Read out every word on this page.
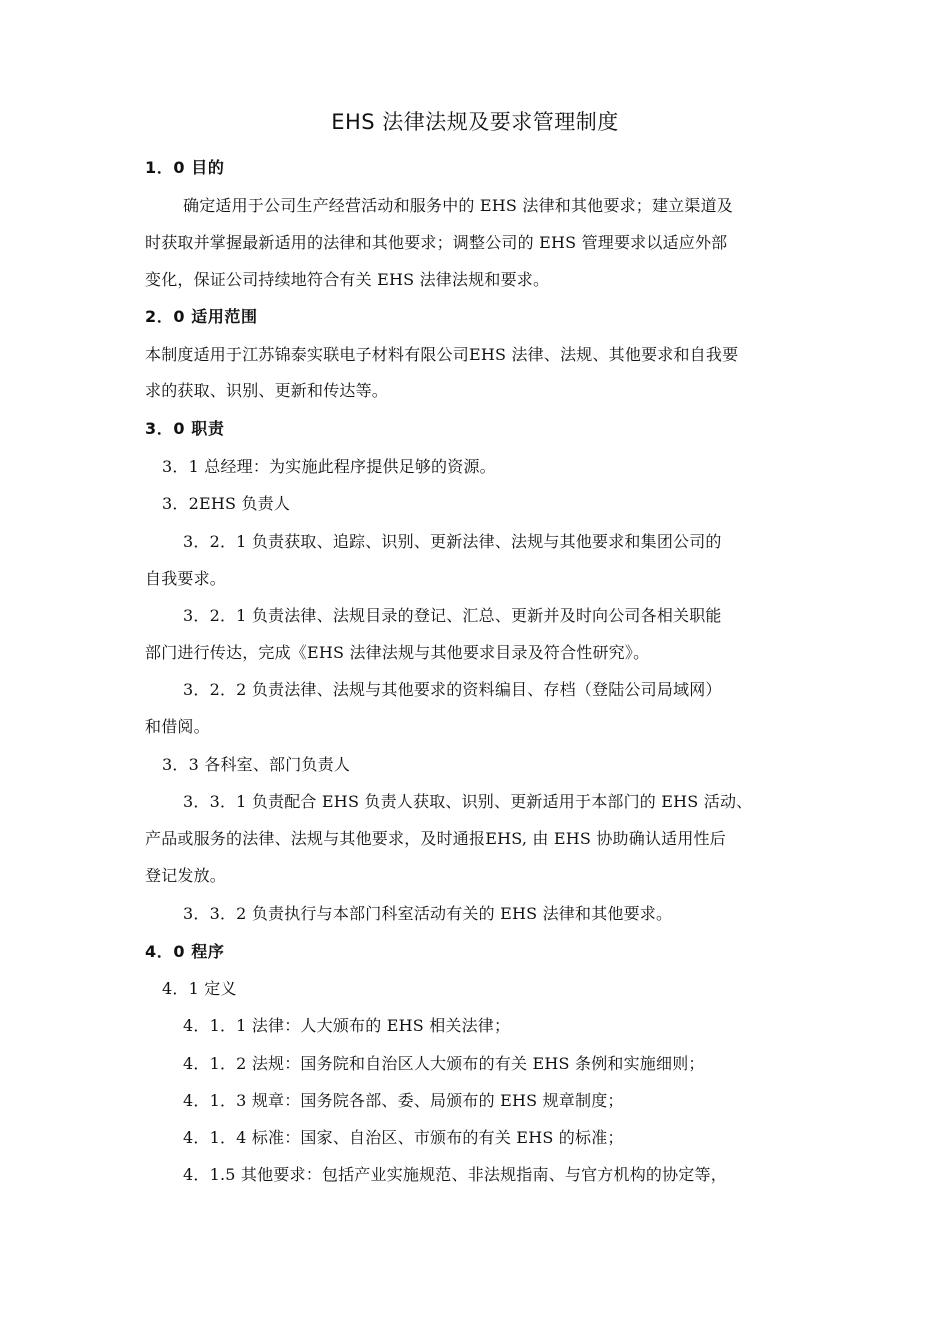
EHS 法律法规及要求管理制度
1．0 目的
确定适用于公司生产经营活动和服务中的 EHS 法律和其他要求；建立渠道及
时获取并掌握最新适用的法律和其他要求；调整公司的 EHS 管理要求以适应外部
变化，保证公司持续地符合有关 EHS 法律法规和要求。
2．0 适用范围
本制度适用于江苏锦泰实联电子材料有限公司EHS 法律、法规、其他要求和自我要
求的获取、识别、更新和传达等。
3．0 职责
3．1 总经理：为实施此程序提供足够的资源。
3．2EHS 负责人
3．2．1 负责获取、追踪、识别、更新法律、法规与其他要求和集团公司的
自我要求。
3．2．1 负责法律、法规目录的登记、汇总、更新并及时向公司各相关职能
部门进行传达，完成《EHS 法律法规与其他要求目录及符合性研究》。
3．2．2 负责法律、法规与其他要求的资料编目、存档（登陆公司局域网）
和借阅。
3．3 各科室、部门负责人
3．3．1 负责配合 EHS 负责人获取、识别、更新适用于本部门的 EHS 活动、
产品或服务的法律、法规与其他要求，及时通报EHS, 由 EHS 协助确认适用性后
登记发放。
3．3．2 负责执行与本部门科室活动有关的 EHS 法律和其他要求。
4．0 程序
4．1 定义
4．1．1 法律：人大颁布的 EHS 相关法律；
4．1．2 法规：国务院和自治区人大颁布的有关 EHS 条例和实施细则；
4．1．3 规章：国务院各部、委、局颁布的 EHS 规章制度；
4．1．4 标准：国家、自治区、市颁布的有关 EHS 的标准；
4．1.5 其他要求：包括产业实施规范、非法规指南、与官方机构的协定等，
